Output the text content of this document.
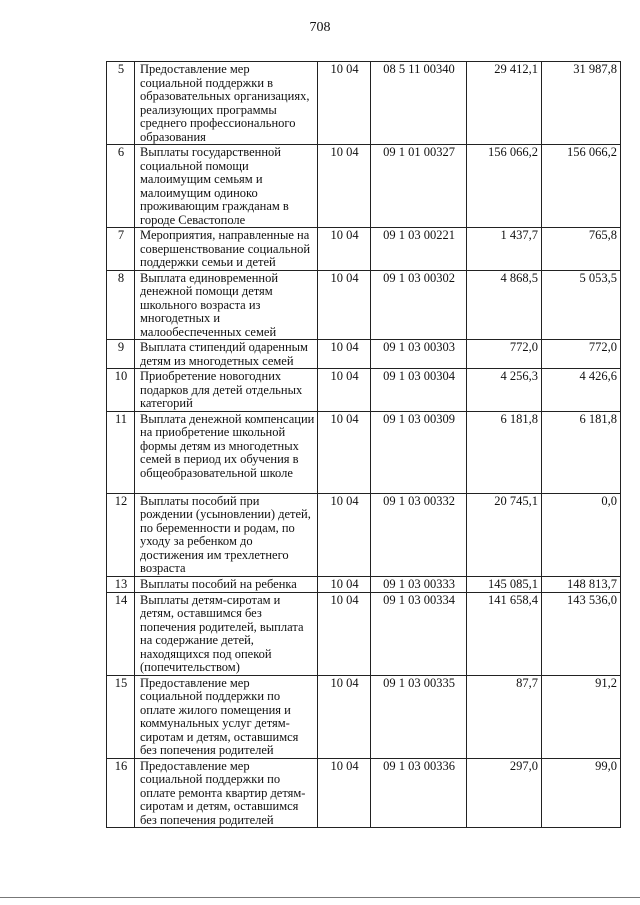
708
5	Предоставление мер социальной поддержки в образовательных организациях, реализующих программы среднего профессионального образования	10 04	08 5 11 00340	29 412,1	31 987,8
6	Выплаты государственной социальной помощи малоимущим семьям и малоимущим одиноко проживающим гражданам в городе Севастополе	10 04	09 1 01 00327	156 066,2	156 066,2
7	Мероприятия, направленные на совершенствование социальной поддержки семьи и детей	10 04	09 1 03 00221	1 437,7	765,8
8	Выплата единовременной денежной помощи детям школьного возраста из многодетных и малообеспеченных семей	10 04	09 1 03 00302	4 868,5	5 053,5
9	Выплата стипендий одаренным детям из многодетных семей	10 04	09 1 03 00303	772,0	772,0
10	Приобретение новогодних подарков для детей отдельных категорий	10 04	09 1 03 00304	4 256,3	4 426,6
11	Выплата денежной компенсации на приобретение школьной формы детям из многодетных семей в период их обучения в общеобразовательной школе	10 04	09 1 03 00309	6 181,8	6 181,8
12	Выплаты пособий при рождении (усыновлении) детей, по беременности и родам, по уходу за ребенком до достижения им трехлетнего возраста	10 04	09 1 03 00332	20 745,1	0,0
13	Выплаты пособий на ребенка	10 04	09 1 03 00333	145 085,1	148 813,7
14	Выплаты детям-сиротам и детям, оставшимся без попечения родителей, выплата на содержание детей, находящихся под опекой (попечительством)	10 04	09 1 03 00334	141 658,4	143 536,0
15	Предоставление мер социальной поддержки по оплате жилого помещения и коммунальных услуг детям-сиротам и детям, оставшимся без попечения родителей	10 04	09 1 03 00335	87,7	91,2
16	Предоставление мер социальной поддержки по оплате ремонта квартир детям-сиротам и детям, оставшимся без попечения родителей	10 04	09 1 03 00336	297,0	99,0
